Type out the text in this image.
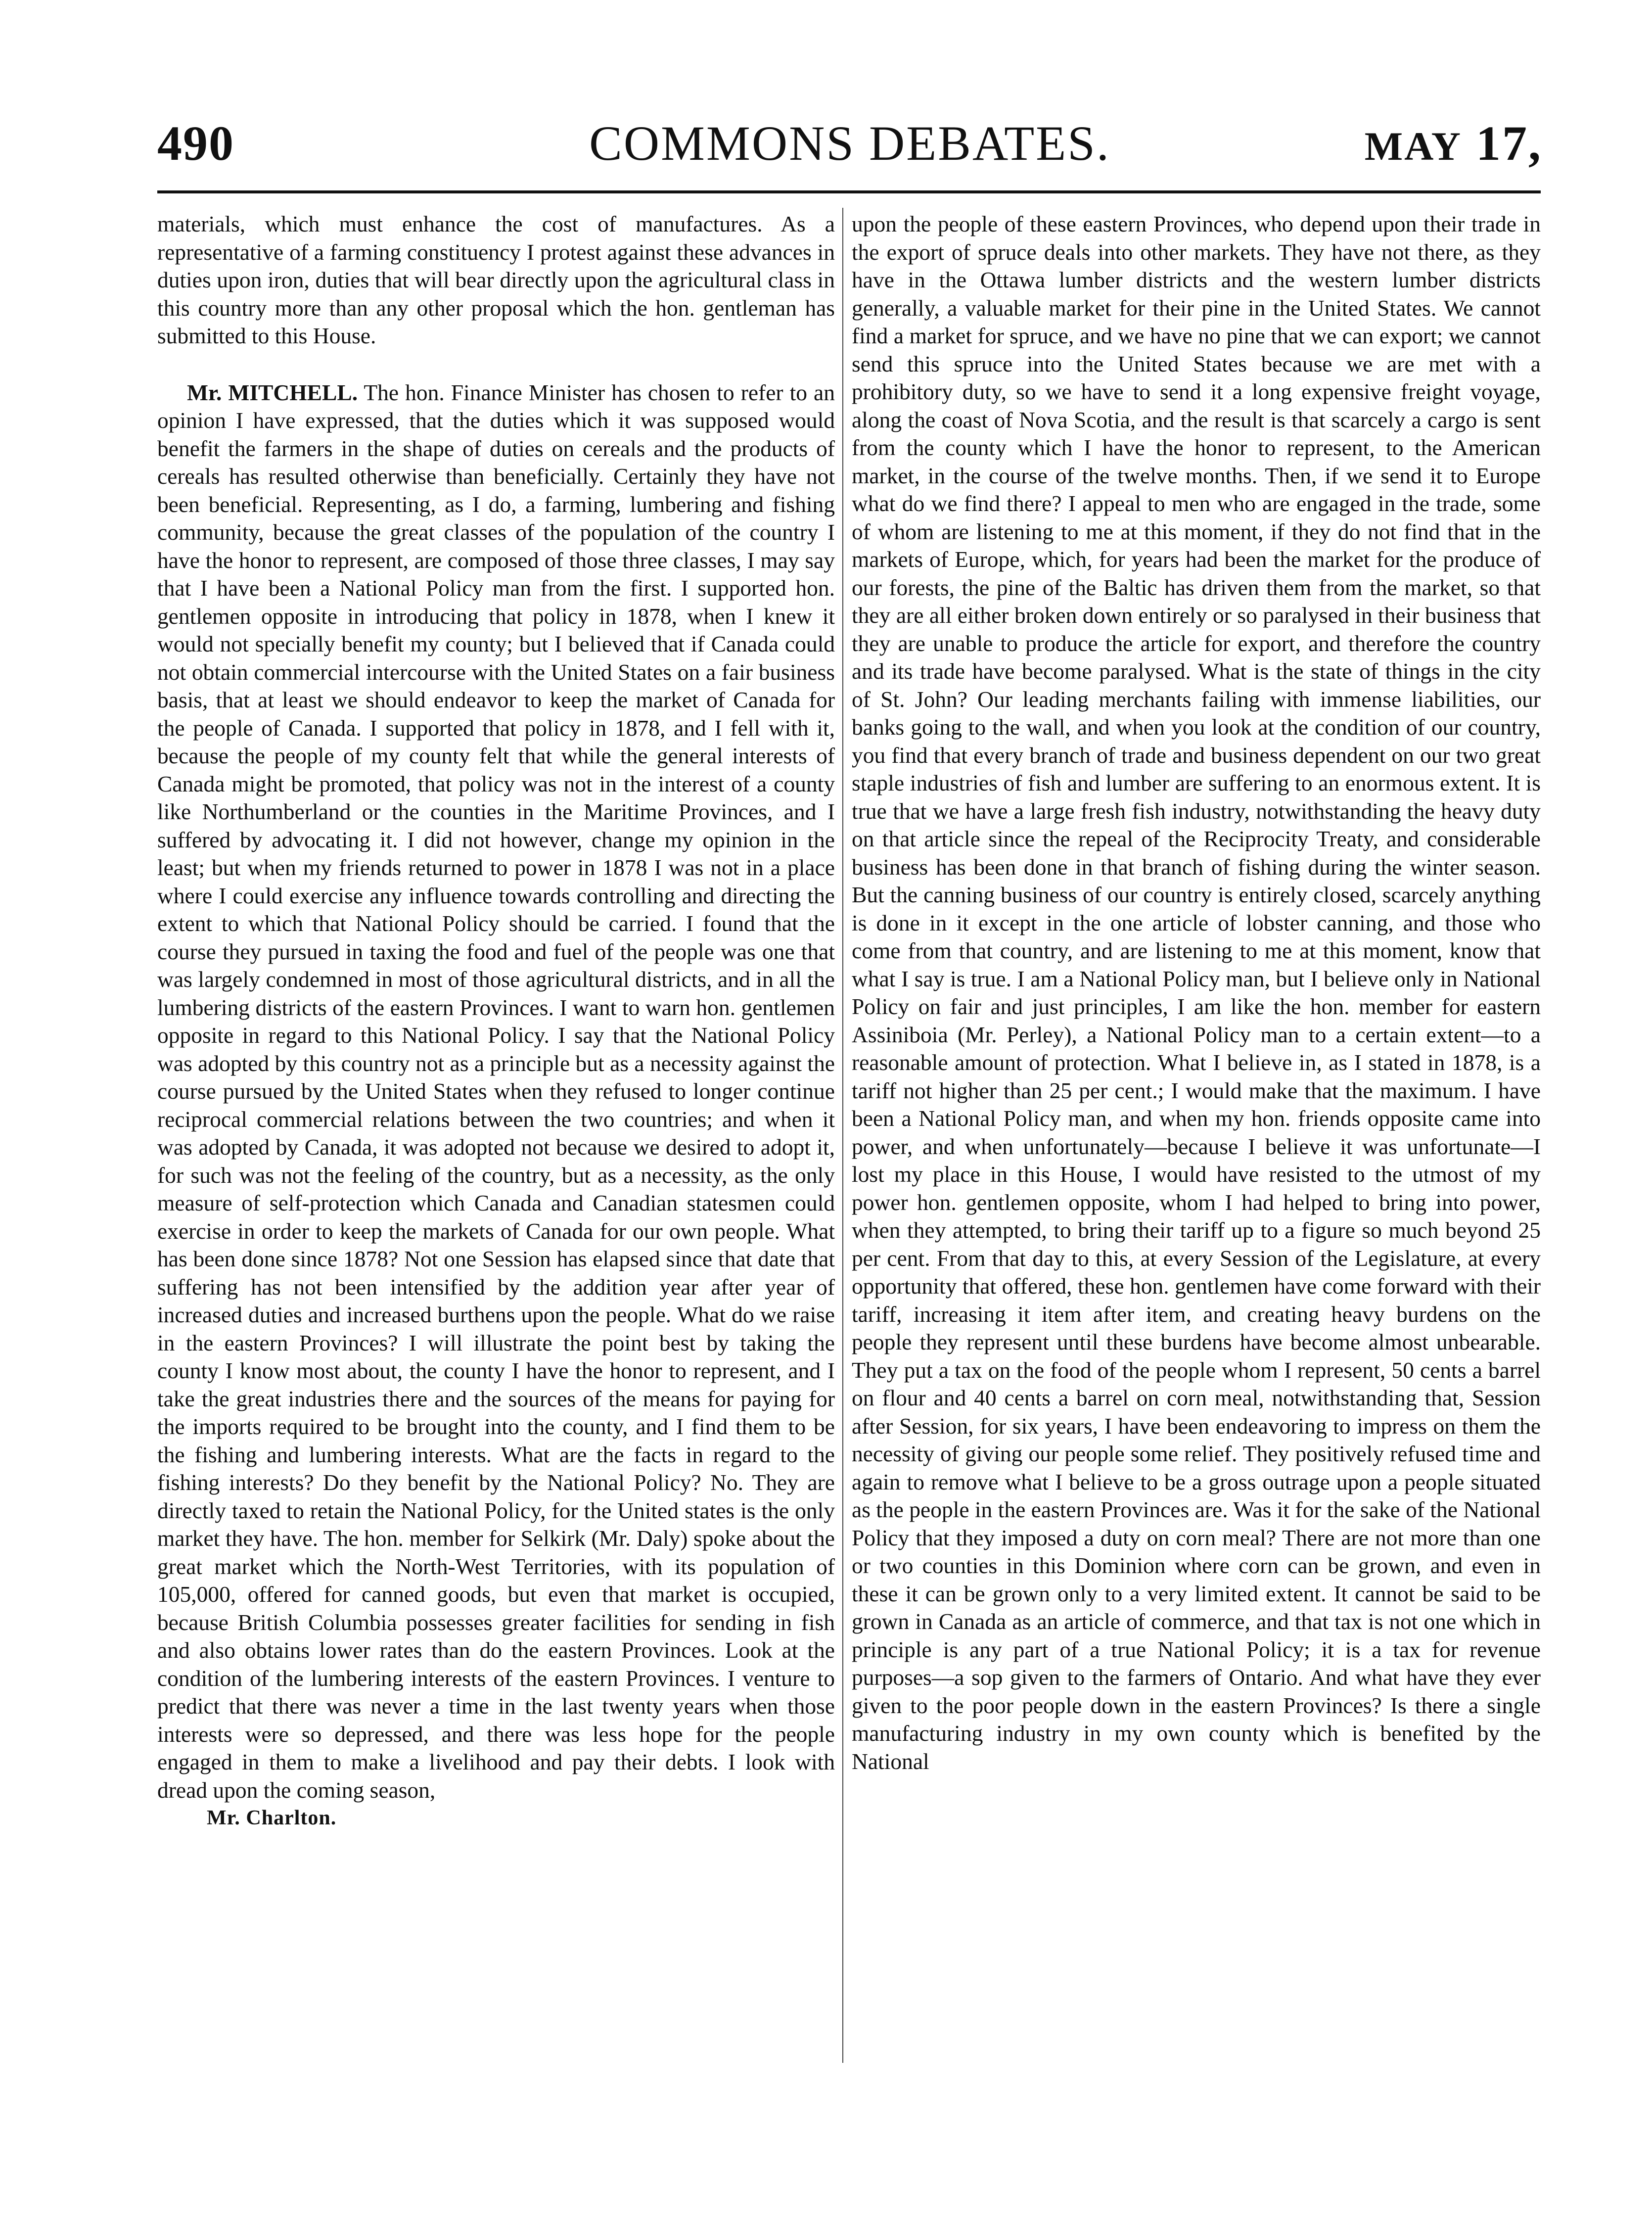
490	COMMONS DEBATES.	MAY 17,

materials, which must enhance the cost of manufactures. As a representative of a farming constituency I protest against these advances in duties upon iron, duties that will bear directly upon the agricultural class in this country more than any other proposal which the hon. gentleman has submitted to this House.

Mr. MITCHELL. The hon. Finance Minister has chosen to refer to an opinion I have expressed, that the duties which it was supposed would benefit the farmers in the shape of duties on cereals and the products of cereals has resulted otherwise than beneficially. Certainly they have not been beneficial. Representing, as I do, a farming, lumbering and fishing community, because the great classes of the population of the country I have the honor to represent, are composed of those three classes, I may say that I have been a National Policy man from the first. I supported hon. gentlemen opposite in introducing that policy in 1878, when I knew it would not specially benefit my county; but I believed that if Canada could not obtain commercial intercourse with the United States on a fair business basis, that at least we should endeavor to keep the market of Canada for the people of Canada. I supported that policy in 1878, and I fell with it, because the people of my county felt that while the general interests of Canada might be promoted, that policy was not in the interest of a county like Northumberland or the counties in the Maritime Provinces, and I suffered by advocating it. I did not however, change my opinion in the least; but when my friends returned to power in 1878 I was not in a place where I could exercise any influence towards controlling and directing the extent to which that National Policy should be carried. I found that the course they pursued in taxing the food and fuel of the people was one that was largely condemned in most of those agricultural districts, and in all the lumbering districts of the eastern Provinces. I want to warn hon. gentlemen opposite in regard to this National Policy. I say that the National Policy was adopted by this country not as a principle but as a necessity against the course pursued by the United States when they refused to longer continue reciprocal commercial relations between the two countries; and when it was adopted by Canada, it was adopted not because we desired to adopt it, for such was not the feeling of the country, but as a necessity, as the only measure of self-protection which Canada and Canadian statesmen could exercise in order to keep the markets of Canada for our own people. What has been done since 1878? Not one Session has elapsed since that date that suffering has not been intensified by the addition year after year of increased duties and increased burthens upon the people. What do we raise in the eastern Provinces? I will illustrate the point best by taking the county I know most about, the county I have the honor to represent, and I take the great industries there and the sources of the means for paying for the imports required to be brought into the county, and I find them to be the fishing and lumbering interests. What are the facts in regard to the fishing interests? Do they benefit by the National Policy? No. They are directly taxed to retain the National Policy, for the United states is the only market they have. The hon. member for Selkirk (Mr. Daly) spoke about the great market which the North-West Territories, with its population of 105,000, offered for canned goods, but even that market is occupied, because British Columbia possesses greater facilities for sending in fish and also obtains lower rates than do the eastern Provinces. Look at the condition of the lumbering interests of the eastern Provinces. I venture to predict that there was never a time in the last twenty years when those interests were so depressed, and there was less hope for the people engaged in them to make a livelihood and pay their debts. I look with dread upon the coming season,

Mr. Charlton.

upon the people of these eastern Provinces, who depend upon their trade in the export of spruce deals into other markets. They have not there, as they have in the Ottawa lumber districts and the western lumber districts generally, a valuable market for their pine in the United States. We cannot find a market for spruce, and we have no pine that we can export; we cannot send this spruce into the United States because we are met with a prohibitory duty, so we have to send it a long expensive freight voyage, along the coast of Nova Scotia, and the result is that scarcely a cargo is sent from the county which I have the honor to represent, to the American market, in the course of the twelve months. Then, if we send it to Europe what do we find there? I appeal to men who are engaged in the trade, some of whom are listening to me at this moment, if they do not find that in the markets of Europe, which, for years had been the market for the produce of our forests, the pine of the Baltic has driven them from the market, so that they are all either broken down entirely or so paralysed in their business that they are unable to produce the article for export, and therefore the country and its trade have become paralysed. What is the state of things in the city of St. John? Our leading merchants failing with immense liabilities, our banks going to the wall, and when you look at the condition of our country, you find that every branch of trade and business dependent on our two great staple industries of fish and lumber are suffering to an enormous extent. It is true that we have a large fresh fish industry, notwithstanding the heavy duty on that article since the repeal of the Reciprocity Treaty, and considerable business has been done in that branch of fishing during the winter season. But the canning business of our country is entirely closed, scarcely anything is done in it except in the one article of lobster canning, and those who come from that country, and are listening to me at this moment, know that what I say is true. I am a National Policy man, but I believe only in National Policy on fair and just principles, I am like the hon. member for eastern Assiniboia (Mr. Perley), a National Policy man to a certain extent—to a reasonable amount of protection. What I believe in, as I stated in 1878, is a tariff not higher than 25 per cent.; I would make that the maximum. I have been a National Policy man, and when my hon. friends opposite came into power, and when unfortunately—because I believe it was unfortunate—I lost my place in this House, I would have resisted to the utmost of my power hon. gentlemen opposite, whom I had helped to bring into power, when they attempted, to bring their tariff up to a figure so much beyond 25 per cent. From that day to this, at every Session of the Legislature, at every opportunity that offered, these hon. gentlemen have come forward with their tariff, increasing it item after item, and creating heavy burdens on the people they represent until these burdens have become almost unbearable. They put a tax on the food of the people whom I represent, 50 cents a barrel on flour and 40 cents a barrel on corn meal, notwithstanding that, Session after Session, for six years, I have been endeavoring to impress on them the necessity of giving our people some relief. They positively refused time and again to remove what I believe to be a gross outrage upon a people situated as the people in the eastern Provinces are. Was it for the sake of the National Policy that they imposed a duty on corn meal? There are not more than one or two counties in this Dominion where corn can be grown, and even in these it can be grown only to a very limited extent. It cannot be said to be grown in Canada as an article of commerce, and that tax is not one which in principle is any part of a true National Policy; it is a tax for revenue purposes—a sop given to the farmers of Ontario. And what have they ever given to the poor people down in the eastern Provinces? Is there a single manufacturing industry in my own county which is benefited by the National
